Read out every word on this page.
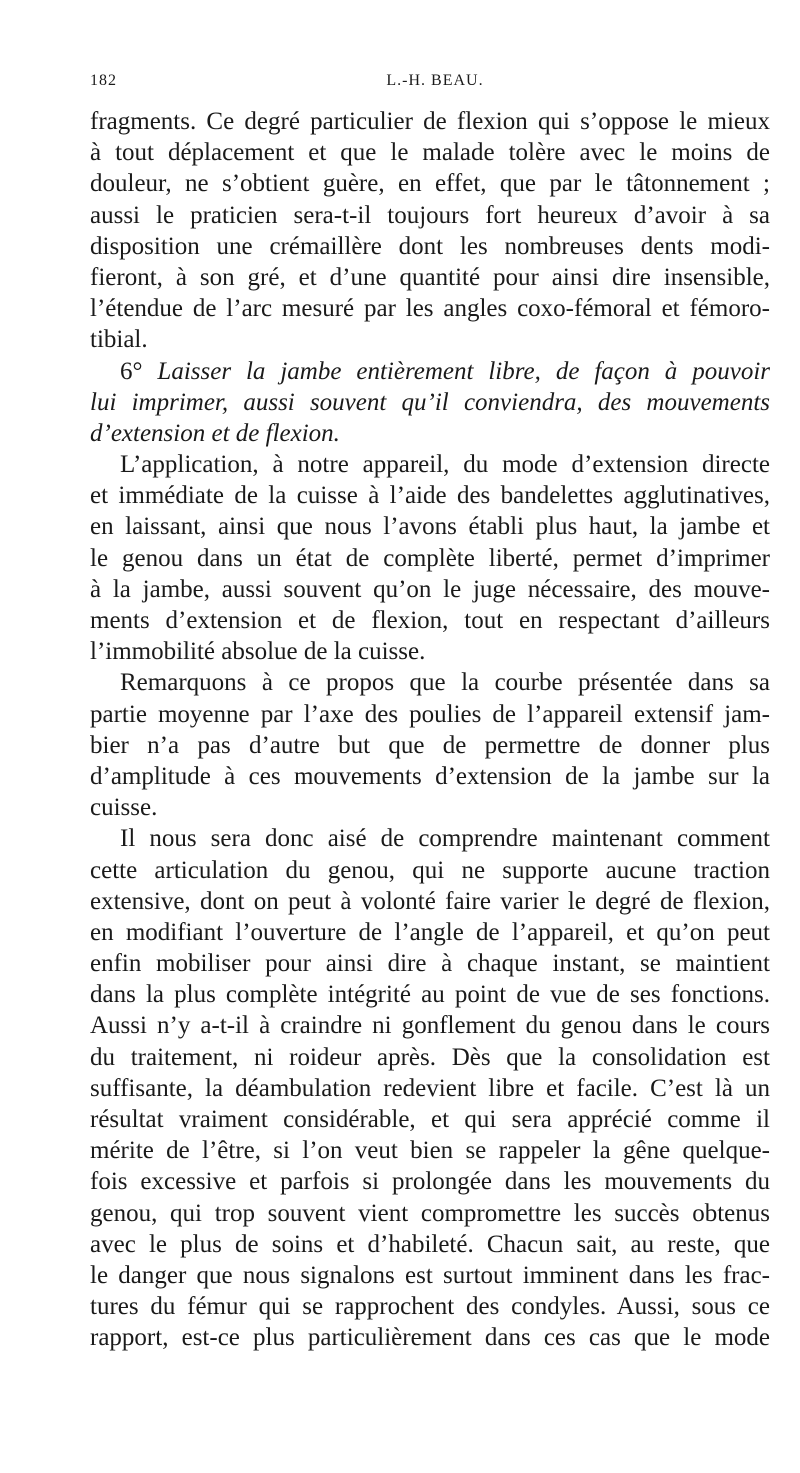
182	L.-H. BEAU.
fragments. Ce degré particulier de flexion qui s’oppose le mieux
à tout déplacement et que le malade tolère avec le moins de
douleur, ne s’obtient guère, en effet, que par le tâtonnement ;
aussi le praticien sera-t-il toujours fort heureux d’avoir à sa
disposition une crémaillère dont les nombreuses dents modi-
fieront, à son gré, et d’une quantité pour ainsi dire insensible,
l’étendue de l’arc mesuré par les angles coxo-fémoral et fémoro-
tibial.
6° Laisser la jambe entièrement libre, de façon à pouvoir
lui imprimer, aussi souvent qu’il conviendra, des mouvements
d’extension et de flexion.
L’application, à notre appareil, du mode d’extension directe
et immédiate de la cuisse à l’aide des bandelettes agglutinatives,
en laissant, ainsi que nous l’avons établi plus haut, la jambe et
le genou dans un état de complète liberté, permet d’imprimer
à la jambe, aussi souvent qu’on le juge nécessaire, des mouve-
ments d’extension et de flexion, tout en respectant d’ailleurs
l’immobilité absolue de la cuisse.
Remarquons à ce propos que la courbe présentée dans sa
partie moyenne par l’axe des poulies de l’appareil extensif jam-
bier n’a pas d’autre but que de permettre de donner plus
d’amplitude à ces mouvements d’extension de la jambe sur la
cuisse.
Il nous sera donc aisé de comprendre maintenant comment
cette articulation du genou, qui ne supporte aucune traction
extensive, dont on peut à volonté faire varier le degré de flexion,
en modifiant l’ouverture de l’angle de l’appareil, et qu’on peut
enfin mobiliser pour ainsi dire à chaque instant, se maintient
dans la plus complète intégrité au point de vue de ses fonctions.
Aussi n’y a-t-il à craindre ni gonflement du genou dans le cours
du traitement, ni roideur après. Dès que la consolidation est
suffisante, la déambulation redevient libre et facile. C’est là un
résultat vraiment considérable, et qui sera apprécié comme il
mérite de l’être, si l’on veut bien se rappeler la gêne quelque-
fois excessive et parfois si prolongée dans les mouvements du
genou, qui trop souvent vient compromettre les succès obtenus
avec le plus de soins et d’habileté. Chacun sait, au reste, que
le danger que nous signalons est surtout imminent dans les frac-
tures du fémur qui se rapprochent des condyles. Aussi, sous ce
rapport, est-ce plus particulièrement dans ces cas que le mode
